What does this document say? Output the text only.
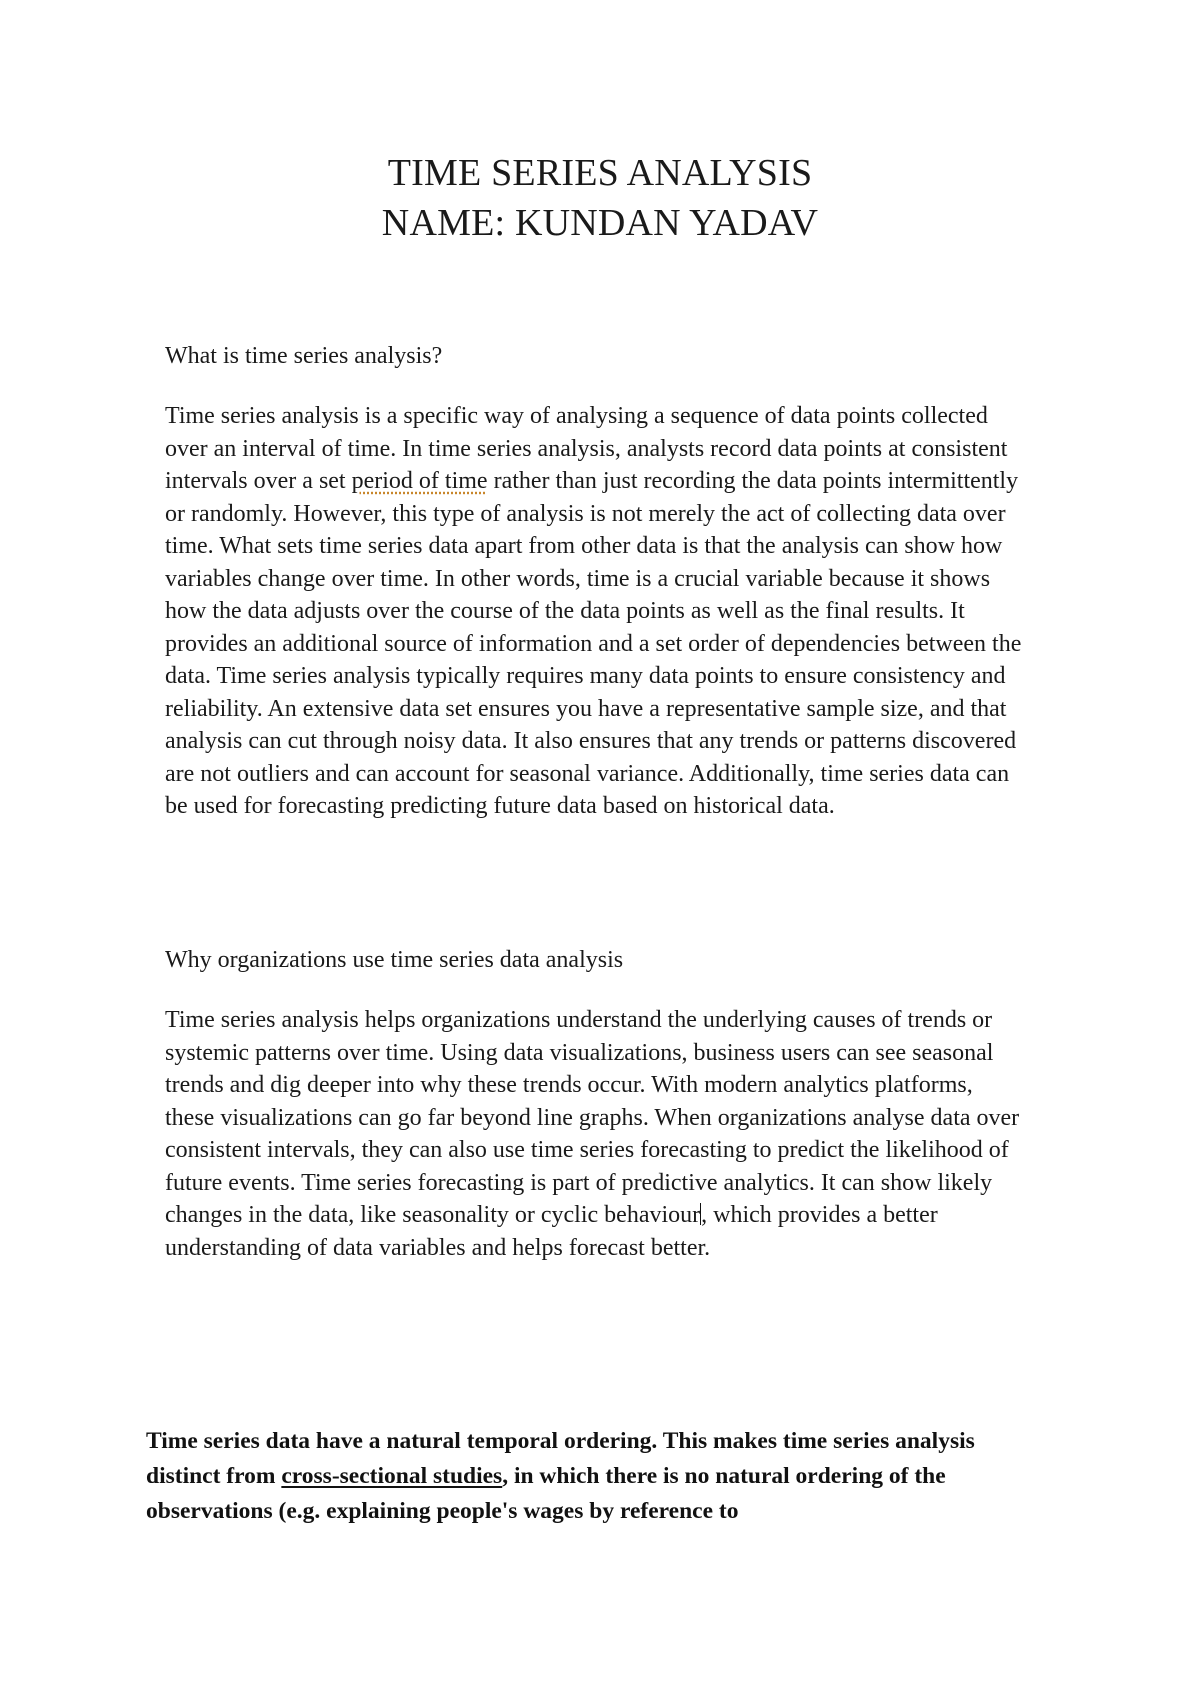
TIME SERIES ANALYSIS
NAME: KUNDAN YADAV
What is time series analysis?
Time series analysis is a specific way of analysing a sequence of data points collected over an interval of time. In time series analysis, analysts record data points at consistent intervals over a set period of time rather than just recording the data points intermittently or randomly. However, this type of analysis is not merely the act of collecting data over time. What sets time series data apart from other data is that the analysis can show how variables change over time. In other words, time is a crucial variable because it shows how the data adjusts over the course of the data points as well as the final results. It provides an additional source of information and a set order of dependencies between the data. Time series analysis typically requires many data points to ensure consistency and reliability. An extensive data set ensures you have a representative sample size, and that analysis can cut through noisy data. It also ensures that any trends or patterns discovered are not outliers and can account for seasonal variance. Additionally, time series data can be used for forecasting predicting future data based on historical data.
Why organizations use time series data analysis
Time series analysis helps organizations understand the underlying causes of trends or systemic patterns over time. Using data visualizations, business users can see seasonal trends and dig deeper into why these trends occur. With modern analytics platforms, these visualizations can go far beyond line graphs. When organizations analyse data over consistent intervals, they can also use time series forecasting to predict the likelihood of future events. Time series forecasting is part of predictive analytics. It can show likely changes in the data, like seasonality or cyclic behaviour, which provides a better understanding of data variables and helps forecast better.
Time series data have a natural temporal ordering. This makes time series analysis distinct from cross-sectional studies, in which there is no natural ordering of the observations (e.g. explaining people's wages by reference to
